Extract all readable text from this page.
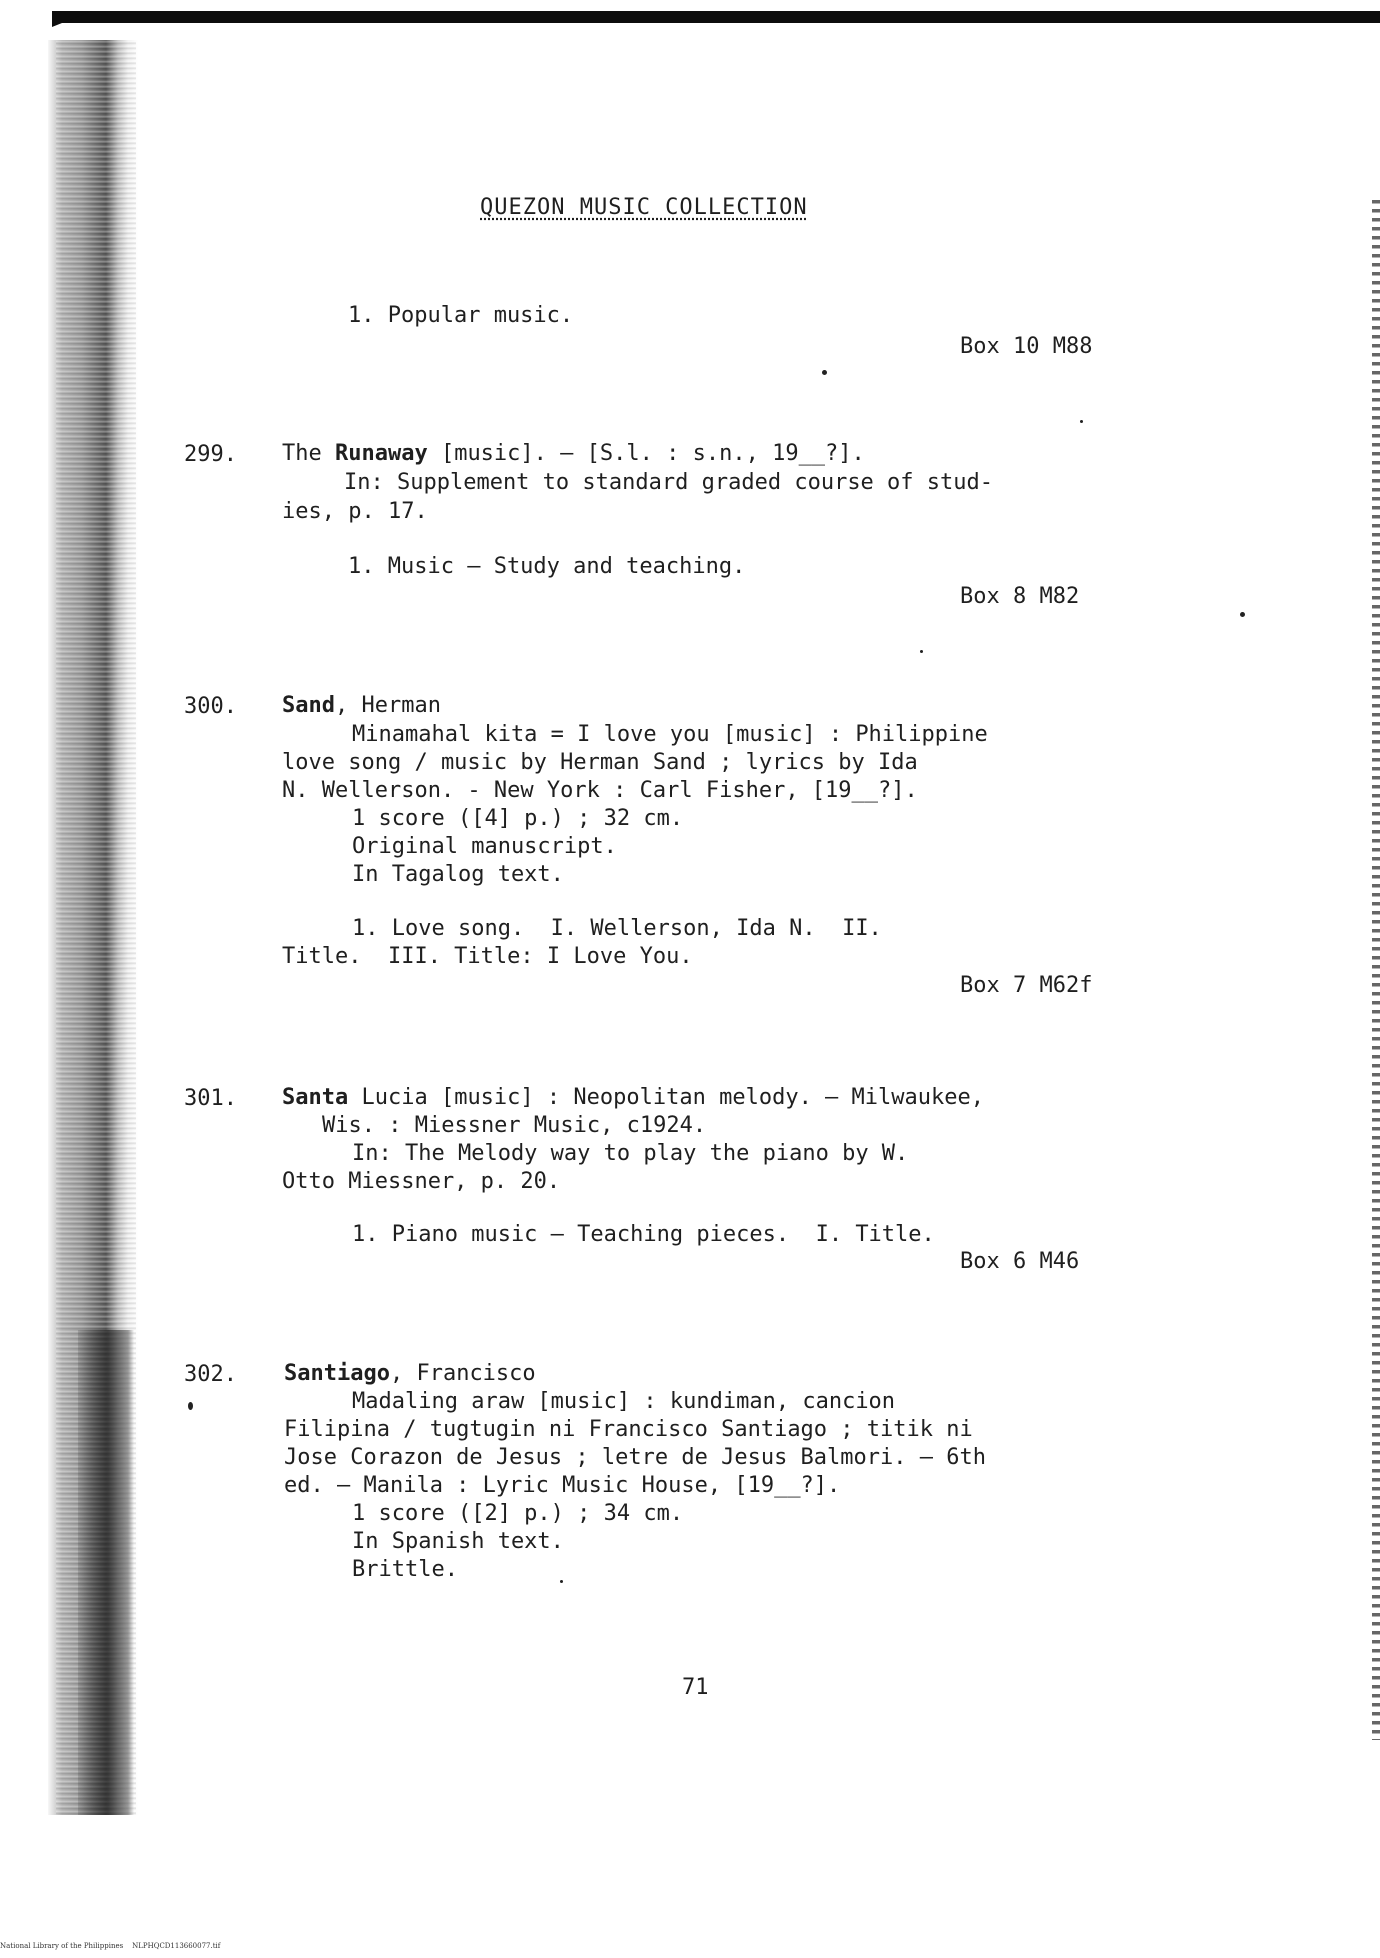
QUEZON MUSIC COLLECTION
1. Popular music.
Box 10 M88
299. The Runaway [music]. — [S.l. : s.n., 19__?].
In: Supplement to standard graded course of stud-
ies, p. 17.
1. Music — Study and teaching.
Box 8 M82
300. Sand, Herman
Minamahal kita = I love you [music] : Philippine
love song / music by Herman Sand ; lyrics by Ida
N. Wellerson. - New York : Carl Fisher, [19__?].
1 score ([4] p.) ; 32 cm.
Original manuscript.
In Tagalog text.
1. Love song.  I. Wellerson, Ida N.  II.
Title.  III. Title: I Love You.
Box 7 M62f
301. Santa Lucia [music] : Neopolitan melody. — Milwaukee,
Wis. : Miessner Music, c1924.
In: The Melody way to play the piano by W.
Otto Miessner, p. 20.
1. Piano music — Teaching pieces.  I. Title.
Box 6 M46
302. Santiago, Francisco
Madaling araw [music] : kundiman, cancion
Filipina / tugtugin ni Francisco Santiago ; titik ni
Jose Corazon de Jesus ; letre de Jesus Balmori. — 6th
ed. — Manila : Lyric Music House, [19__?].
1 score ([2] p.) ; 34 cm.
In Spanish text.
Brittle.
71
National Library of the Philippines    NLPHQCD113660077.tif
